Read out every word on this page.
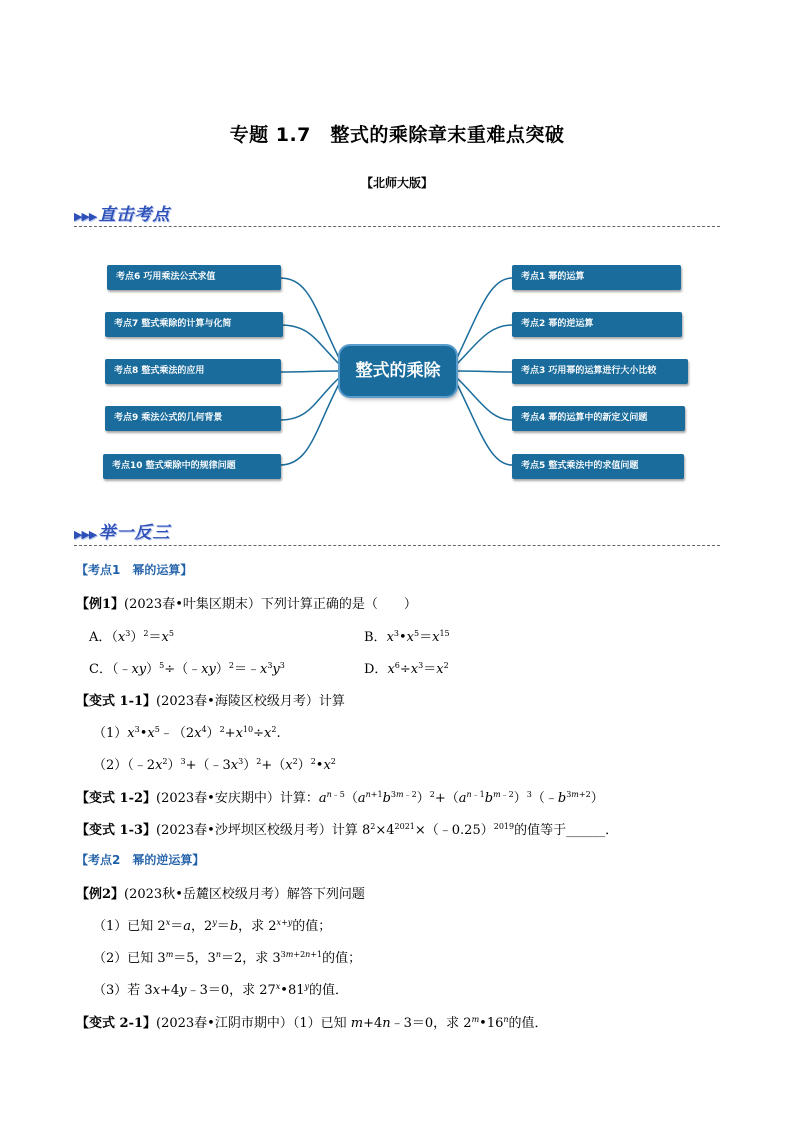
专题 1.7　整式的乘除章末重难点突破
【北师大版】
▶▶▶ 直击考点
考点6 巧用乘法公式求值
考点7 整式乘除的计算与化简
考点8 整式乘法的应用
考点9 乘法公式的几何背景
考点10 整式乘除中的规律问题
整式的乘除
考点1 幂的运算
考点2 幂的逆运算
考点3 巧用幂的运算进行大小比较
考点4 幂的运算中的新定义问题
考点5 整式乘法中的求值问题
▶▶▶ 举一反三
【考点1　幂的运算】
【例1】(2023春•叶集区期末）下列计算正确的是（　　）
A．$(x^3)^2=x^5$	B．$x^3•x^5=x^{15}$
C．$(﹣xy)^5\div(﹣xy)^2=﹣x^3y^3$	D．$x^6\div x^3=x^2$
【变式 1-1】(2023春•海陵区校级月考）计算
$(1)x^3•x^5﹣(2x^4)^2+x^{10}\div x^2$.
$(2)(﹣2x^2)^3+(﹣3x^3)^2+(x^2)^2•x^2$
【变式 1-2】(2023春•安庆期中）计算：$a^{n﹣5}(a^{n+1}b^{3m﹣2})^2+(a^{n﹣1}b^{m﹣2})^3(﹣b^{3m+2})$
【变式 1-3】(2023春•沙坪坝区校级月考）计算 $8^2\times 4^{2021}\times(﹣0.25)^{2019}$的值等于______．
【考点2　幂的逆运算】
【例2】(2023秋•岳麓区校级月考）解答下列问题
（1）已知 $2^x=a$，$2^y=b$，求 $2^{x+y}$的值；
（2）已知 $3^m=5$，$3^n=2$，求 $3^{3m+2n+1}$的值；
（3）若 3x+4y﹣3＝0，求 27$^x$•81$^y$的值．
【变式 2-1】(2023春•江阴市期中）（1）已知 m+4n﹣3＝0，求 2$^m$•16$^n$的值．
